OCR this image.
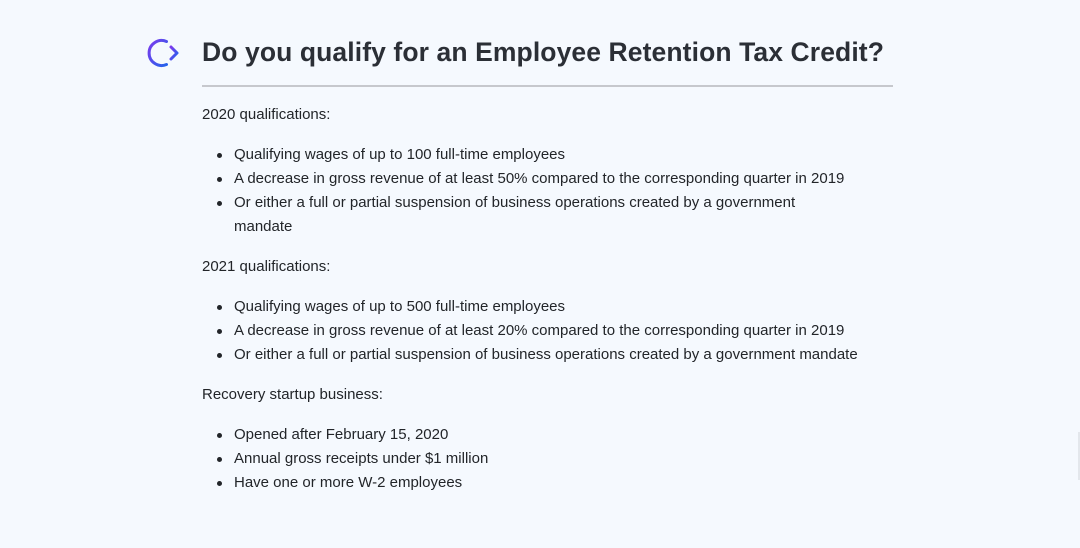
Do you qualify for an Employee Retention Tax Credit?

2020 qualifications:

Qualifying wages of up to 100 full-time employees
A decrease in gross revenue of at least 50% compared to the corresponding quarter in 2019
Or either a full or partial suspension of business operations created by a government mandate

2021 qualifications:

Qualifying wages of up to 500 full-time employees
A decrease in gross revenue of at least 20% compared to the corresponding quarter in 2019
Or either a full or partial suspension of business operations created by a government mandate

Recovery startup business:

Opened after February 15, 2020
Annual gross receipts under $1 million
Have one or more W-2 employees
